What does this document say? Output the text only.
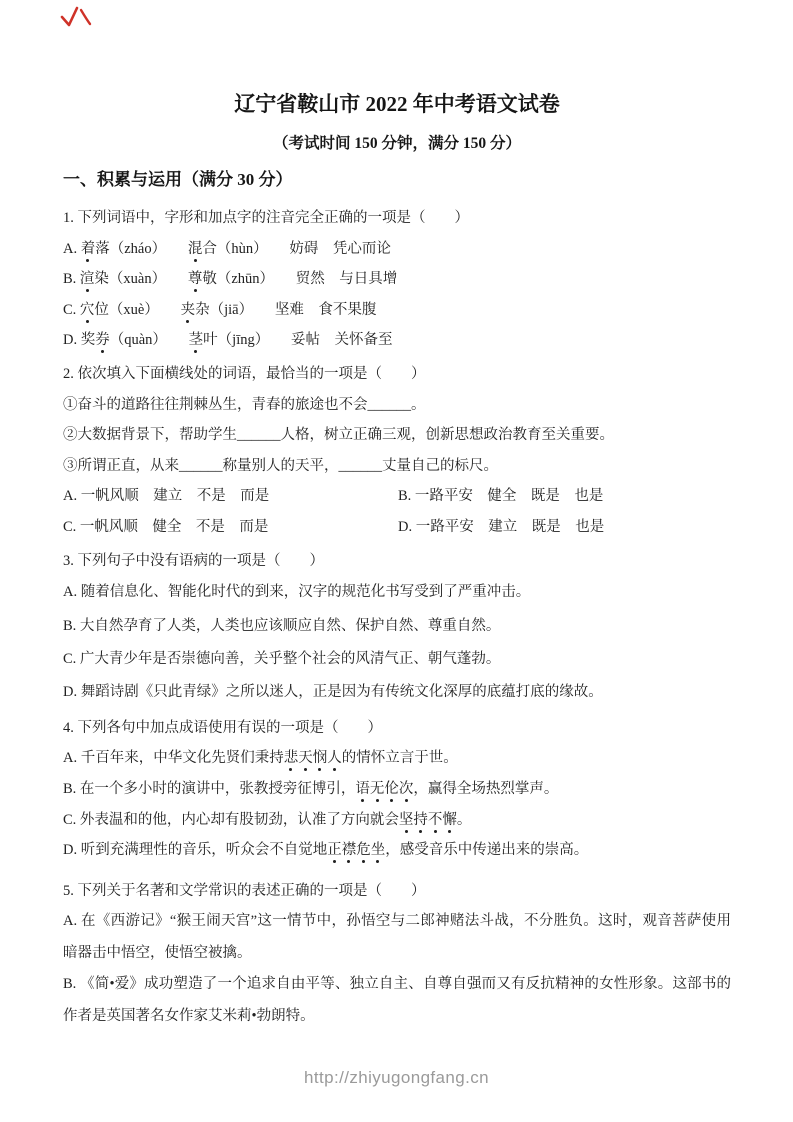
辽宁省鞍山市 2022 年中考语文试卷
（考试时间 150 分钟，满分 150 分）
一、积累与运用（满分 30 分）

1. 下列词语中，字形和加点字的注音完全正确的一项是（　　）

A. 着落（zháo）　　混合（hùn）　　妨碍　凭心而论

B. 渲染（xuàn）　　尊敬（zhūn）　　贸然　与日具增

C. 穴位（xuè）　　夹杂（jiā）　　坚难　食不果腹

D. 奖券（quàn）　　茎叶（jīng）　　妥帖　关怀备至

2. 依次填入下面横线处的词语，最恰当的一项是（　　）

①奋斗的道路往往荆棘丛生，青春的旅途也不会______。

②大数据背景下，帮助学生______人格，树立正确三观，创新思想政治教育至关重要。

③所谓正直，从来______称量别人的天平，______丈量自己的标尺。

A. 一帆风顺　建立　不是　而是	B. 一路平安　健全　既是　也是
C. 一帆风顺　健全　不是　而是	D. 一路平安　建立　既是　也是

3. 下列句子中没有语病的一项是（　　）

A. 随着信息化、智能化时代的到来，汉字的规范化书写受到了严重冲击。

B. 大自然孕育了人类，人类也应该顺应自然、保护自然、尊重自然。

C. 广大青少年是否崇德向善，关乎整个社会的风清气正、朝气蓬勃。

D. 舞蹈诗剧《只此青绿》之所以迷人，正是因为有传统文化深厚的底蕴打底的缘故。

4. 下列各句中加点成语使用有误的一项是（　　）

A. 千百年来，中华文化先贤们秉持悲天悯人的情怀立言于世。

B. 在一个多小时的演讲中，张教授旁征博引，语无伦次，赢得全场热烈掌声。

C. 外表温和的他，内心却有股韧劲，认准了方向就会坚持不懈。

D. 听到充满理性的音乐，听众会不自觉地正襟危坐，感受音乐中传递出来的崇高。

5. 下列关于名著和文学常识的表述正确的一项是（　　）

A. 在《西游记》“猴王闹天宫”这一情节中，孙悟空与二郎神赌法斗战，不分胜负。这时，观音菩萨使用暗器击中悟空，使悟空被擒。

B. 《简•爱》成功塑造了一个追求自由平等、独立自主、自尊自强而又有反抗精神的女性形象。这部书的作者是英国著名女作家艾米莉•勃朗特。

http://zhiyugongfang.cn
